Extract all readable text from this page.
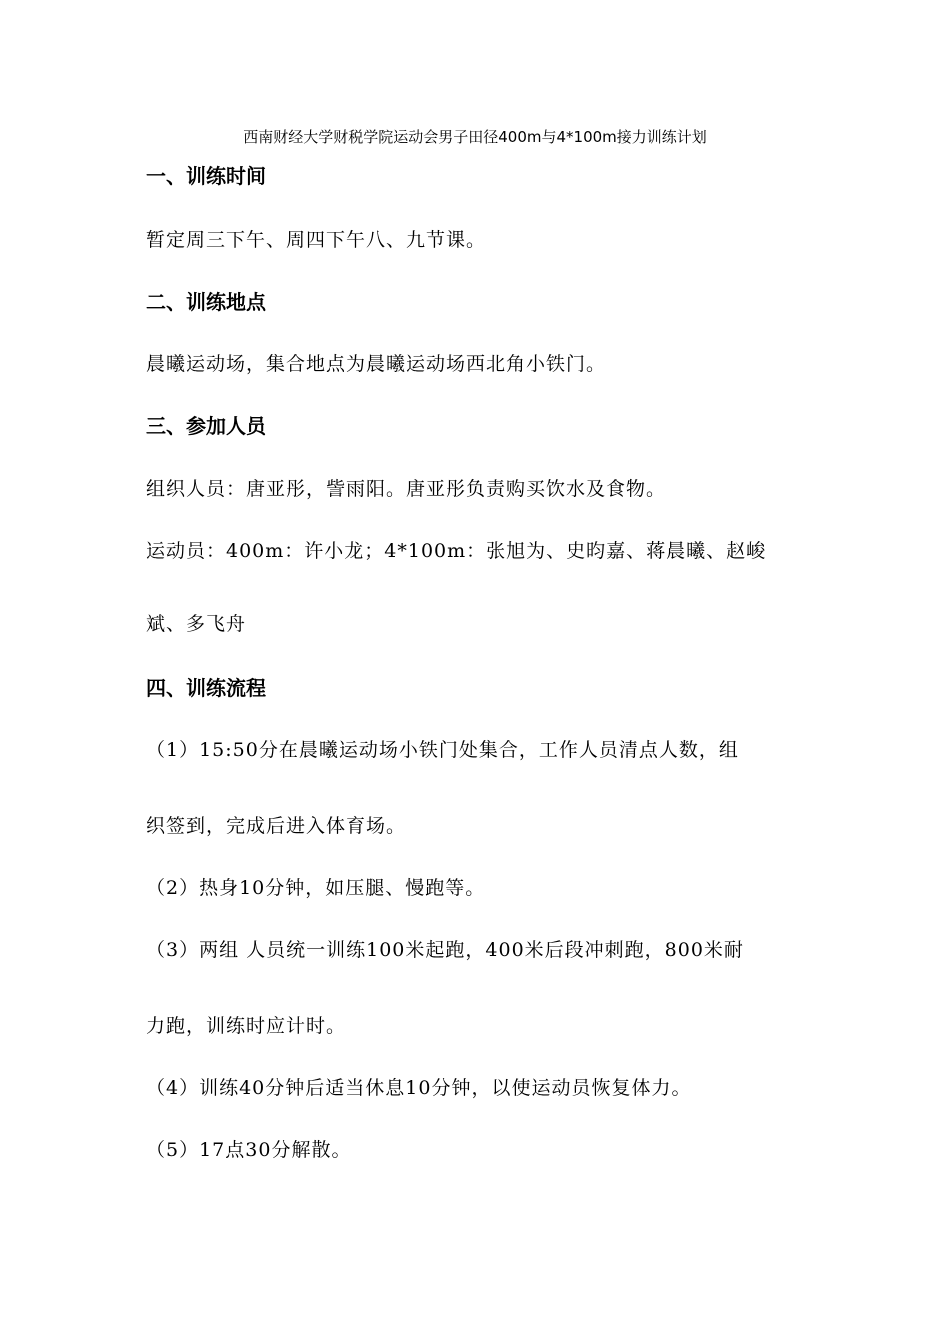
西南财经大学财税学院运动会男子田径400m与4*100m接力训练计划
一、训练时间
暂定周三下午、周四下午八、九节课。
二、训练地点
晨曦运动场，集合地点为晨曦运动场西北角小铁门。
三、参加人员
组织人员：唐亚彤，訾雨阳。唐亚彤负责购买饮水及食物。
运动员：400m：许小龙；4*100m：张旭为、史昀嘉、蒋晨曦、赵峻
斌、多飞舟
四、训练流程
（1）15:50分在晨曦运动场小铁门处集合，工作人员清点人数，组
织签到，完成后进入体育场。
（2）热身10分钟，如压腿、慢跑等。
（3）两组 人员统一训练100米起跑，400米后段冲刺跑，800米耐
力跑，训练时应计时。
（4）训练40分钟后适当休息10分钟，以使运动员恢复体力。
（5）17点30分解散。
